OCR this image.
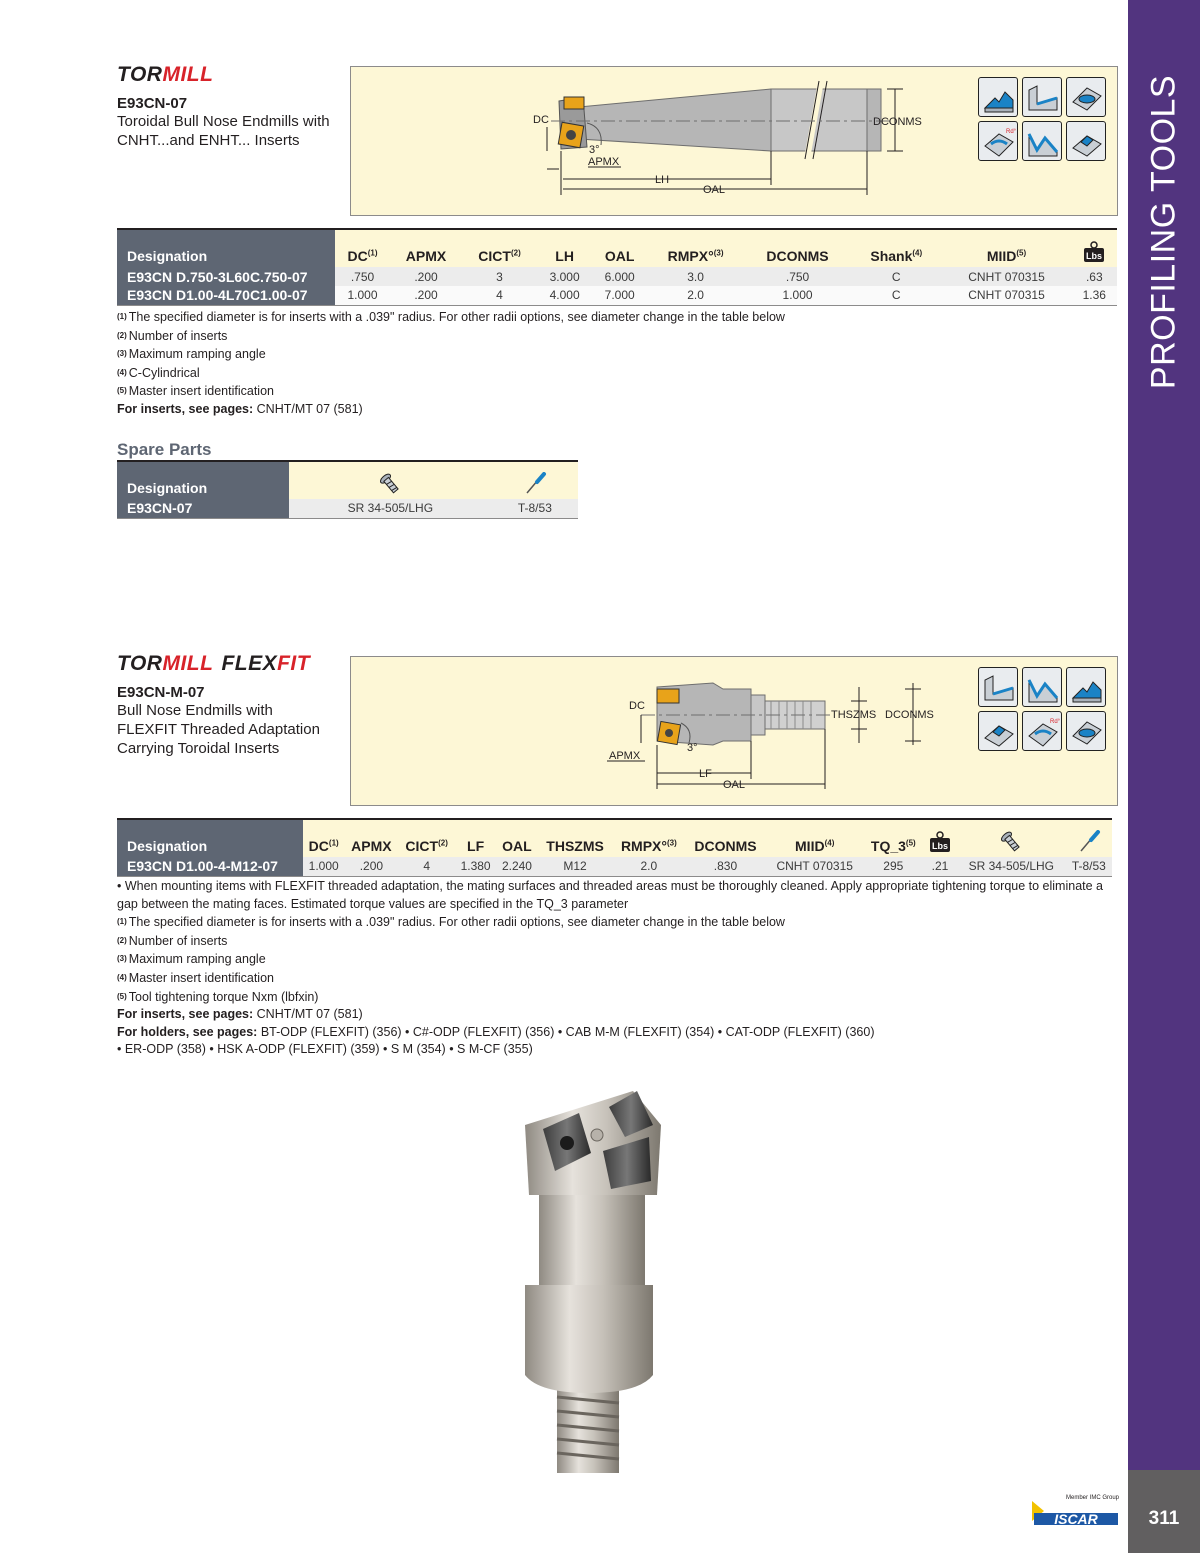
PROFILING TOOLS
311
TORMILL
E93CN-07
Toroidal Bull Nose Endmills with
CNHT...and ENHT... Inserts
DC
3°
APMX
LH
OAL
DCONMS
Rd°
Designation	DC$^{(1)}$	APMX	CICT$^{(2)}$	LH	OAL	RMPX°$^{(3)}$	DCONMS	Shank$^{(4)}$	MIID$^{(5)}$	Lbs

E93CN D.750-3L60C.750-07	.750	.200	3	3.000	6.000	3.0	.750	C	CNHT 070315	.63
E93CN D1.00-4L70C1.00-07	1.000	.200	4	4.000	7.000	2.0	1.000	C	CNHT 070315	1.36
(1) The specified diameter is for inserts with a .039" radius. For other radii options, see diameter change in the table below
(2) Number of inserts
(3) Maximum ramping angle
(4) C-Cylindrical
(5) Master insert identification
For inserts, see pages: CNHT/MT 07 (581)
Spare Parts
Designation		
E93CN-07	SR 34-505/LHG	T-8/53
TORMILL FLEXFIT
E93CN-M-07
Bull Nose Endmills with
FLEXFIT Threaded Adaptation
Carrying Toroidal Inserts
DC
3°
APMX
LF
OAL
THSZMS DCONMS
Rd°
Designation	DC$^{(1)}$	APMX	CICT$^{(2)}$	LF	OAL	THSZMS	RMPX°$^{(3)}$	DCONMS	MIID$^{(4)}$	TQ_3$^{(5)}$	Lbs

E93CN D1.00-4-M12-07	1.000	.200	4	1.380	2.240	M12	2.0	.830	CNHT 070315	295	.21	SR 34-505/LHG	T-8/53
• When mounting items with FLEXFIT threaded adaptation, the mating surfaces and threaded areas must be thoroughly cleaned. Apply appropriate tightening torque to eliminate a gap between the mating faces. Estimated torque values are specified in the TQ_3 parameter
(1) The specified diameter is for inserts with a .039" radius. For other radii options, see diameter change in the table below
(2) Number of inserts
(3) Maximum ramping angle
(4) Master insert identification
(5) Tool tightening torque Nxm (lbfxin)
For inserts, see pages: CNHT/MT 07 (581)
For holders, see pages: BT-ODP (FLEXFIT) (356) • C#-ODP (FLEXFIT) (356) • CAB M-M (FLEXFIT) (354) • CAT-ODP (FLEXFIT) (360)
• ER-ODP (358) • HSK A-ODP (FLEXFIT) (359) • S M (354) • S M-CF (355)
Member IMC Group
ISCAR
